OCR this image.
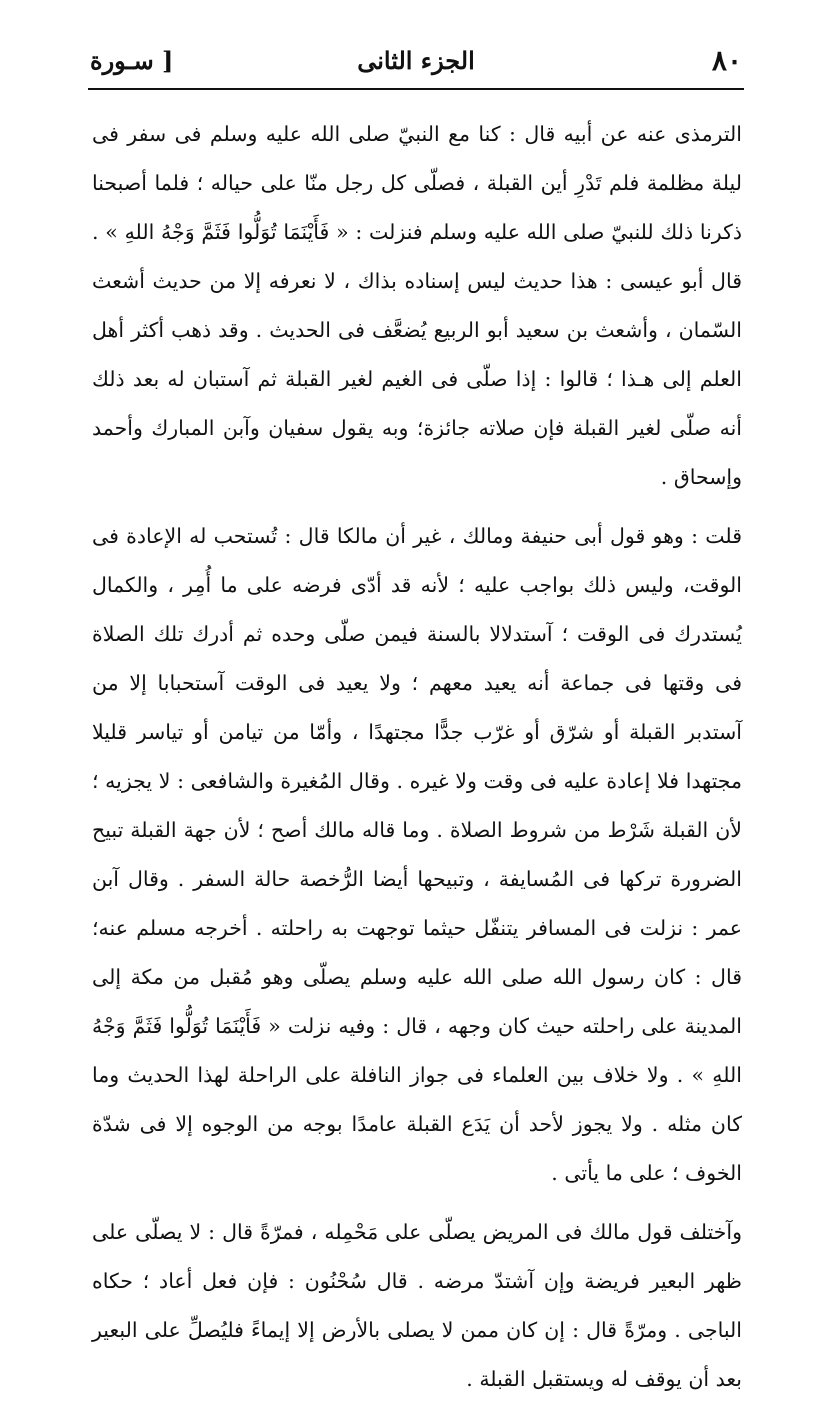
٨٠
الجزء الثانى
[ سـورة

الترمذى عنه عن أبيه قال : كنا مع النبيّ صلى الله عليه وسلم فى سفر فى ليلة مظلمة فلم تَدْرِ أين القبلة ، فصلّى كل رجل منّا على حياله ؛ فلما أصبحنا ذكرنا ذلك للنبيّ صلى الله عليه وسلم فنزلت : « فَأَيْنَمَا تُوَلُّوا فَثَمَّ وَجْهُ اللهِ » . قال أبو عيسى : هذا حديث ليس إسناده بذاك ، لا نعرفه إلا من حديث أشعث السّمان ، وأشعث بن سعيد أبو الربيع يُضعَّف فى الحديث . وقد ذهب أكثر أهل العلم إلى هـذا ؛ قالوا : إذا صلّى فى الغيم لغير القبلة ثم آستبان له بعد ذلك أنه صلّى لغير القبلة فإن صلاته جائزة؛ وبه يقول سفيان وآبن المبارك وأحمد وإسحاق .

قلت : وهو قول أبى حنيفة ومالك ، غير أن مالكا قال : تُستحب له الإعادة فى الوقت، وليس ذلك بواجب عليه ؛ لأنه قد أدّى فرضه على ما أُمِر ، والكمال يُستدرك فى الوقت ؛ آستدلالا بالسنة فيمن صلّى وحده ثم أدرك تلك الصلاة فى وقتها فى جماعة أنه يعيد معهم ؛ ولا يعيد فى الوقت آستحبابا إلا من آستدبر القبلة أو شرّق أو غرّب جدًّا مجتهدًا ، وأمّا من تيامن أو تياسر قليلا مجتهدا فلا إعادة عليه فى وقت ولا غيره . وقال المُغيرة والشافعى : لا يجزيه ؛ لأن القبلة شَرْط من شروط الصلاة . وما قاله مالك أصح ؛ لأن جهة القبلة تبيح الضرورة تركها فى المُسايفة ، وتبيحها أيضا الرُّخصة حالة السفر . وقال آبن عمر : نزلت فى المسافر يتنفّل حيثما توجهت به راحلته . أخرجه مسلم عنه؛ قال : كان رسول الله صلى الله عليه وسلم يصلّى وهو مُقبل من مكة إلى المدينة على راحلته حيث كان وجهه ، قال : وفيه نزلت « فَأَيْنَمَا تُوَلُّوا فَثَمَّ وَجْهُ اللهِ » . ولا خلاف بين العلماء فى جواز النافلة على الراحلة لهذا الحديث وما كان مثله . ولا يجوز لأحد أن يَدَع القبلة عامدًا بوجه من الوجوه إلا فى شدّة الخوف ؛ على ما يأتى .

وآختلف قول مالك فى المريض يصلّى على مَحْمِله ، فمرّةً قال : لا يصلّى على ظهر البعير فريضة وإن آشتدّ مرضه . قال سُحْنُون : فإن فعل أعاد ؛ حكاه الباجى . ومرّةً قال : إن كان ممن لا يصلى بالأرض إلا إيماءً فليُصلِّ على البعير بعد أن يوقف له ويستقبل القبلة .
